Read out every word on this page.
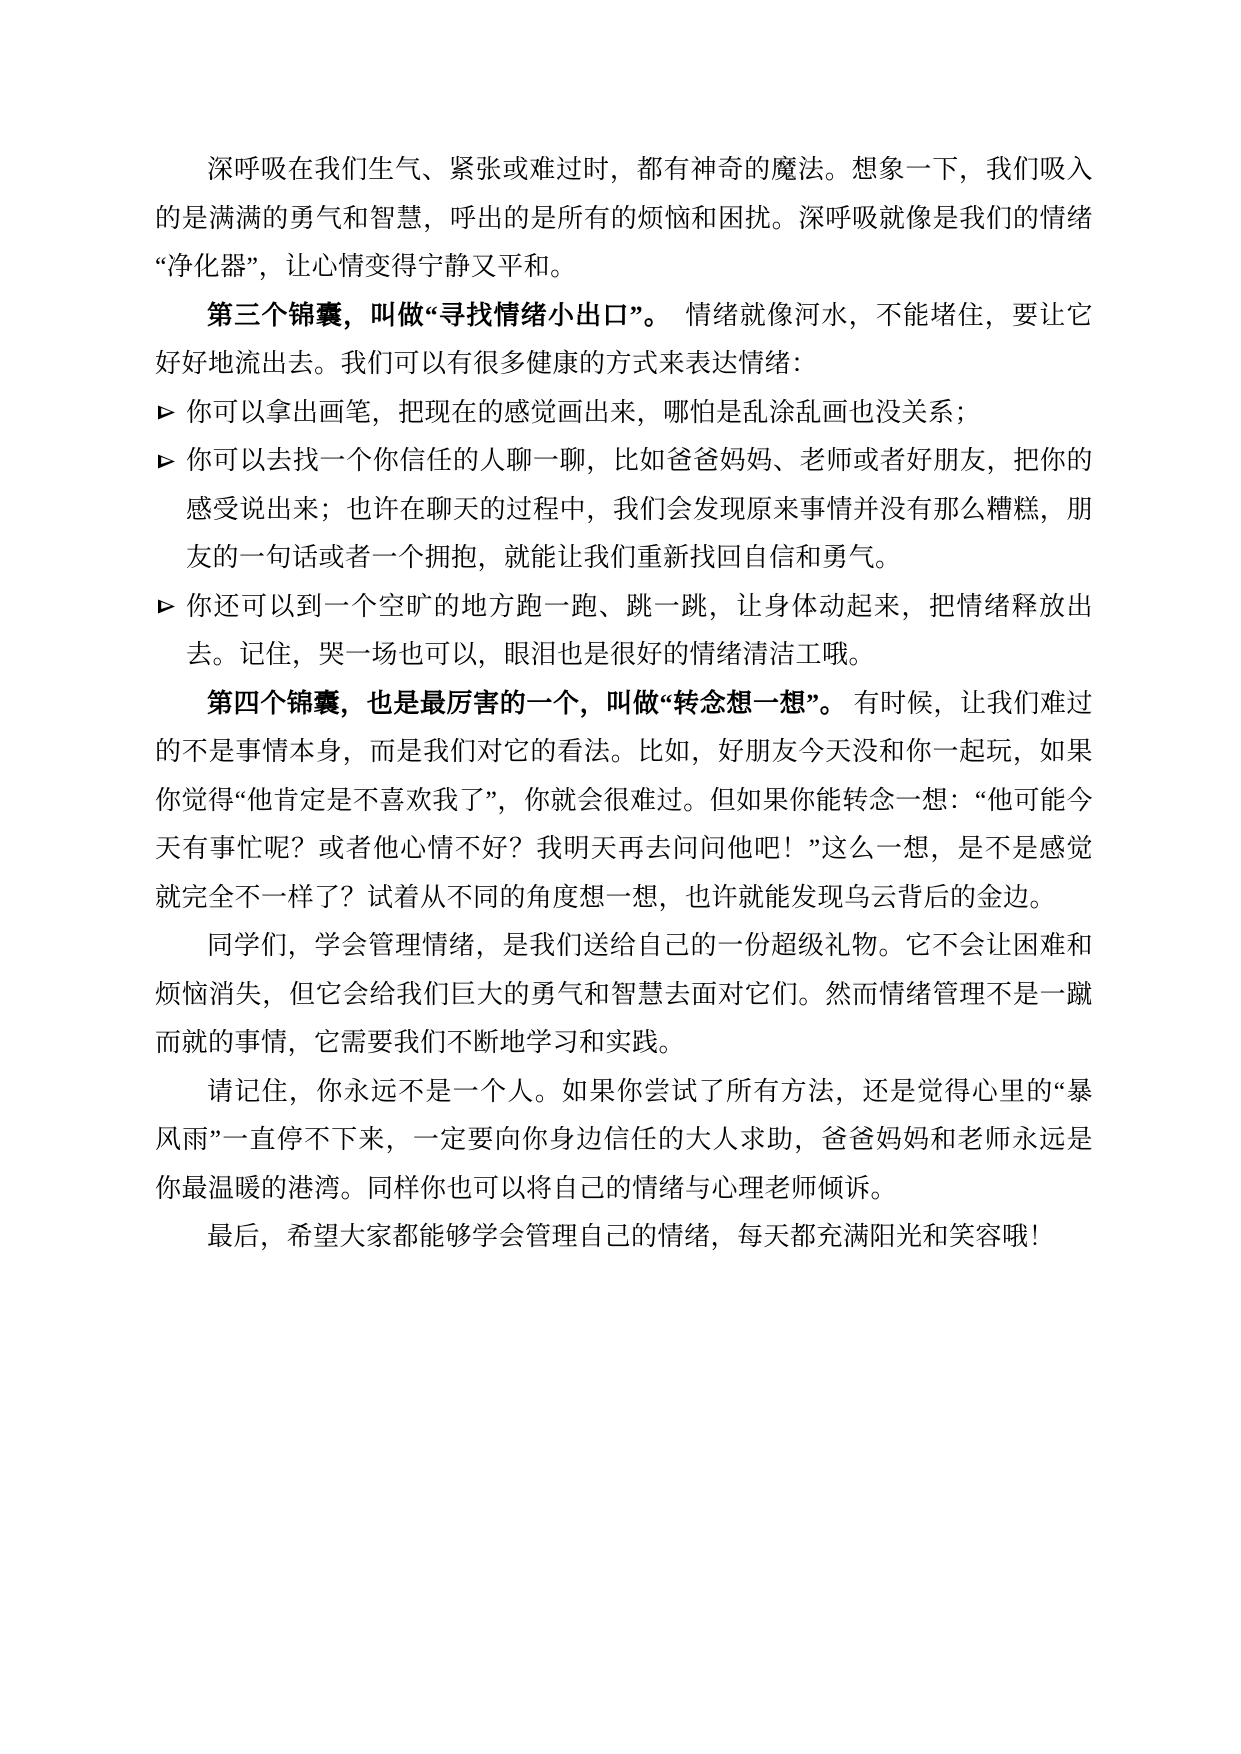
深呼吸在我们生气、紧张或难过时，都有神奇的魔法。想象一下，我们吸入的是满满的勇气和智慧，呼出的是所有的烦恼和困扰。深呼吸就像是我们的情绪“净化器”，让心情变得宁静又平和。

第三个锦囊，叫做“寻找情绪小出口”。　情绪就像河水，不能堵住，要让它好好地流出去。我们可以有很多健康的方式来表达情绪：

你可以拿出画笔，把现在的感觉画出来，哪怕是乱涂乱画也没关系；
你可以去找一个你信任的人聊一聊，比如爸爸妈妈、老师或者好朋友，把你的感受说出来；也许在聊天的过程中，我们会发现原来事情并没有那么糟糕，朋友的一句话或者一个拥抱，就能让我们重新找回自信和勇气。
你还可以到一个空旷的地方跑一跑、跳一跳，让身体动起来，把情绪释放出去。记住，哭一场也可以，眼泪也是很好的情绪清洁工哦。

第四个锦囊，也是最厉害的一个，叫做“转念想一想”。 有时候，让我们难过的不是事情本身，而是我们对它的看法。比如，好朋友今天没和你一起玩，如果你觉得“他肯定是不喜欢我了”，你就会很难过。但如果你能转念一想：“他可能今天有事忙呢？或者他心情不好？我明天再去问问他吧！”这么一想，是不是感觉就完全不一样了？试着从不同的角度想一想，也许就能发现乌云背后的金边。

同学们，学会管理情绪，是我们送给自己的一份超级礼物。它不会让困难和烦恼消失，但它会给我们巨大的勇气和智慧去面对它们。然而情绪管理不是一蹴而就的事情，它需要我们不断地学习和实践。

请记住，你永远不是一个人。如果你尝试了所有方法，还是觉得心里的“暴风雨”一直停不下来，一定要向你身边信任的大人求助，爸爸妈妈和老师永远是你最温暖的港湾。同样你也可以将自己的情绪与心理老师倾诉。

最后，希望大家都能够学会管理自己的情绪，每天都充满阳光和笑容哦！
